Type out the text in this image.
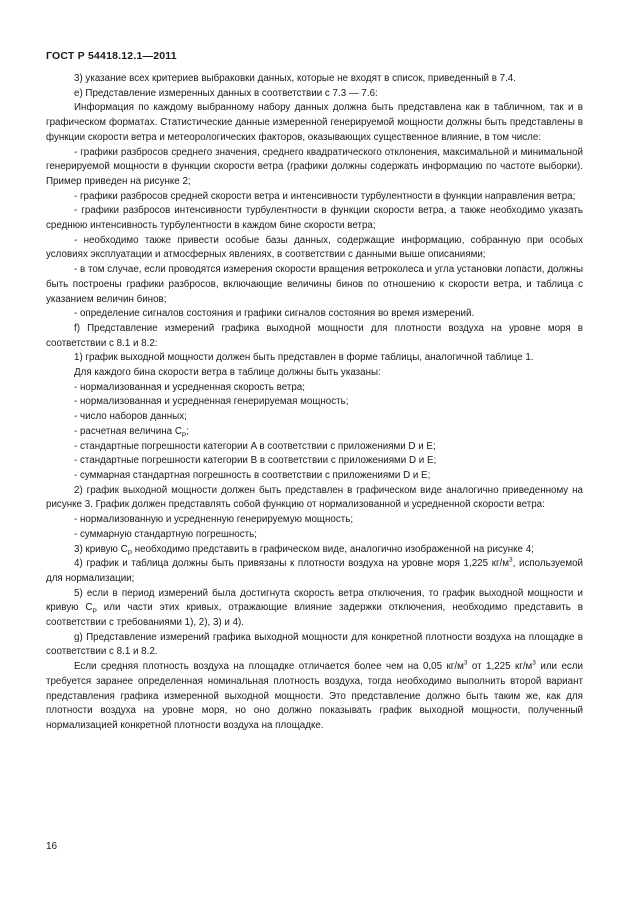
ГОСТ Р 54418.12.1—2011

3) указание всех критериев выбраковки данных, которые не входят в список, приведенный в 7.4.

e) Представление измеренных данных в соответствии с 7.3 — 7.6:

Информация по каждому выбранному набору данных должна быть представлена как в табличном, так и в графическом форматах. Статистические данные измеренной генерируемой мощности должны быть представлены в функции скорости ветра и метеорологических факторов, оказывающих существенное влияние, в том числе:

- графики разбросов среднего значения, среднего квадратического отклонения, максимальной и минимальной генерируемой мощности в функции скорости ветра (графики должны содержать информацию по частоте выборки). Пример приведен на рисунке 2;

- графики разбросов средней скорости ветра и интенсивности турбулентности в функции направления ветра;

- графики разбросов интенсивности турбулентности в функции скорости ветра, а также необходимо указать среднюю интенсивность турбулентности в каждом бине скорости ветра;

- необходимо также привести особые базы данных, содержащие информацию, собранную при особых условиях эксплуатации и атмосферных явлениях, в соответствии с данными выше описаниями;

- в том случае, если проводятся измерения скорости вращения ветроколеса и угла установки лопасти, должны быть построены графики разбросов, включающие величины бинов по отношению к скорости ветра, и таблица с указанием величин бинов;

- определение сигналов состояния и графики сигналов состояния во время измерений.

f) Представление измерений графика выходной мощности для плотности воздуха на уровне моря в соответствии с 8.1 и 8.2:

1) график выходной мощности должен быть представлен в форме таблицы, аналогичной таблице 1.

Для каждого бина скорости ветра в таблице должны быть указаны:

- нормализованная и усредненная скорость ветра;

- нормализованная и усредненная генерируемая мощность;

- число наборов данных;

- расчетная величина $C_P$;

- стандартные погрешности категории A в соответствии с приложениями D и E;

- стандартные погрешности категории B в соответствии с приложениями D и E;

- суммарная стандартная погрешность в соответствии с приложениями D и E;

2) график выходной мощности должен быть представлен в графическом виде аналогично приведенному на рисунке 3. График должен представлять собой функцию от нормализованной и усредненной скорости ветра:

- нормализованную и усредненную генерируемую мощность;

- суммарную стандартную погрешность;

3) кривую $C_P$ необходимо представить в графическом виде, аналогично изображенной на рисунке 4;

4) график и таблица должны быть привязаны к плотности воздуха на уровне моря 1,225 $кг/м^3$, используемой для нормализации;

5) если в период измерений была достигнута скорость ветра отключения, то график выходной мощности и кривую $C_P$ или части этих кривых, отражающие влияние задержки отключения, необходимо представить в соответствии с требованиями 1), 2), 3) и 4).

g) Представление измерений графика выходной мощности для конкретной плотности воздуха на площадке в соответствии с 8.1 и 8.2.

Если средняя плотность воздуха на площадке отличается более чем на 0,05 $кг/м^3$ от 1,225 $кг/м^3$ или если требуется заранее определенная номинальная плотность воздуха, тогда необходимо выполнить второй вариант представления графика измеренной выходной мощности. Это представление должно быть таким же, как для плотности воздуха на уровне моря, но оно должно показывать график выходной мощности, полученный нормализацией конкретной плотности воздуха на площадке.

16
